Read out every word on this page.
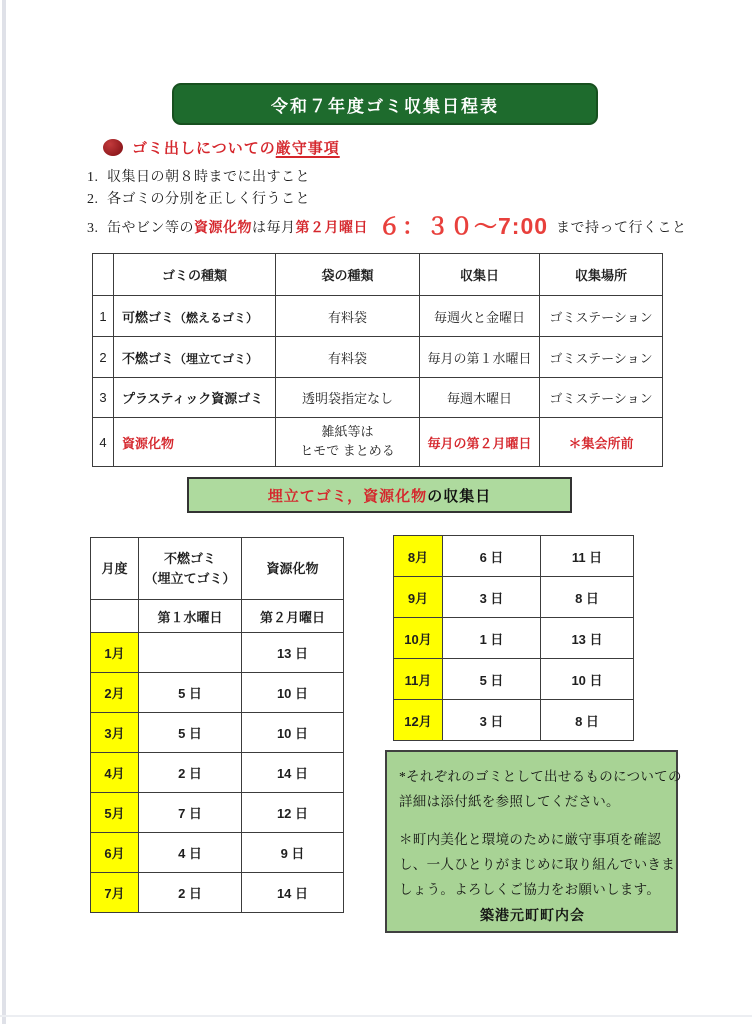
令和７年度ゴミ収集日程表
ゴミ出しについての厳守事項
1. 収集日の朝８時までに出すこと
2. 各ゴミの分別を正しく行うこと
3. 缶やビン等の資源化物は毎月第２月曜日 ６：３０～7:00 まで持って行くこと
	ゴミの種類	袋の種類	収集日	収集場所
1	可燃ゴミ（燃えるゴミ）	有料袋	毎週火と金曜日	ゴミステーション
2	不燃ゴミ（埋立てゴミ）	有料袋	毎月の第１水曜日	ゴミステーション
3	プラスティック資源ゴミ	透明袋指定なし	毎週木曜日	ゴミステーション
4	資源化物	雑紙等は
ヒモで まとめる	毎月の第２月曜日	＊集会所前
埋立てゴミ，資源化物 の収集日
月度	不燃ゴミ
（埋立てゴミ）	資源化物
	第１水曜日	第２月曜日
1月		13 日
2月	5 日	10 日
3月	5 日	10 日
4月	2 日	14 日
5月	7 日	12 日
6月	4 日	9 日
7月	2 日	14 日
8月	6 日	11 日
9月	3 日	8 日
10月	1 日	13 日
11月	5 日	10 日
12月	3 日	8 日

*それぞれのゴミとして出せるものについての
詳細は添付紙を参照してください。

＊町内美化と環境のために厳守事項を確認
し、一人ひとりがまじめに取り組んでいきま
しょう。よろしくご協力をお願いします。

築港元町町内会
